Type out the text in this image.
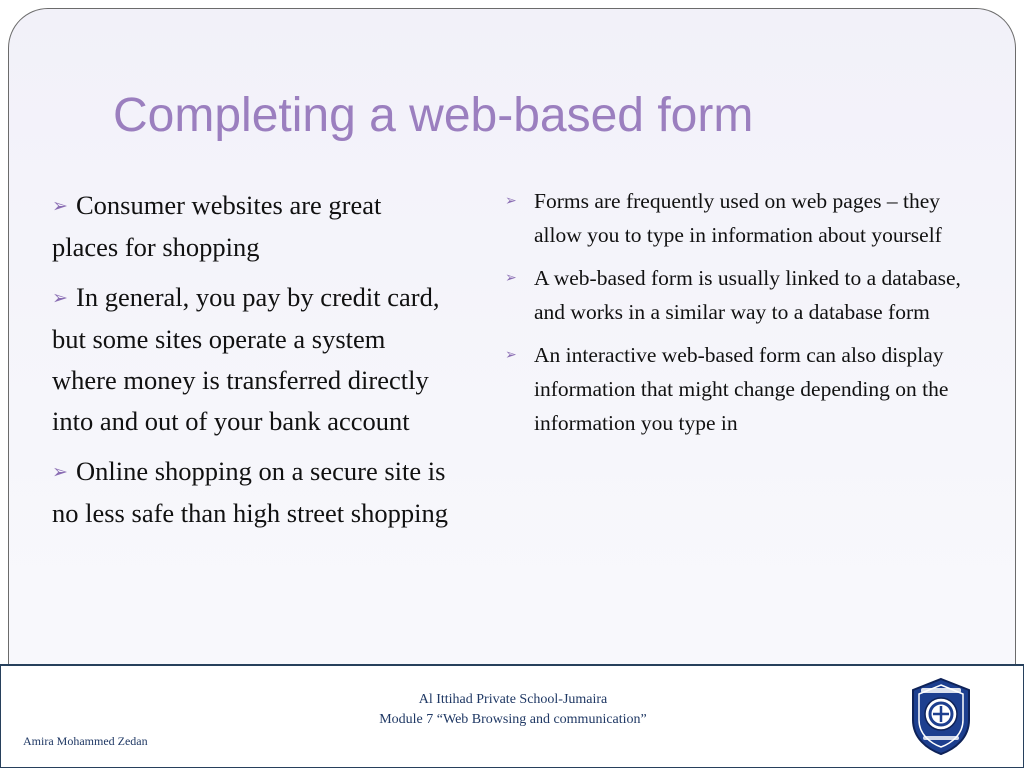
Completing a web-based form

➢ Consumer websites are great places for shopping

➢ In general, you pay by credit card, but some sites operate a system where money is transferred directly into and out of your bank account

➢ Online shopping on a secure site is no less safe than high street shopping

➢ Forms are frequently used on web pages – they allow you to type in information about yourself

➢ A web-based form is usually linked to a database, and works in a similar way to a database form

➢ An interactive web-based form can also display information that might change depending on the information you type in

Al Ittihad Private School-Jumaira
Module 7 “Web Browsing and communication”
Amira Mohammed Zedan
